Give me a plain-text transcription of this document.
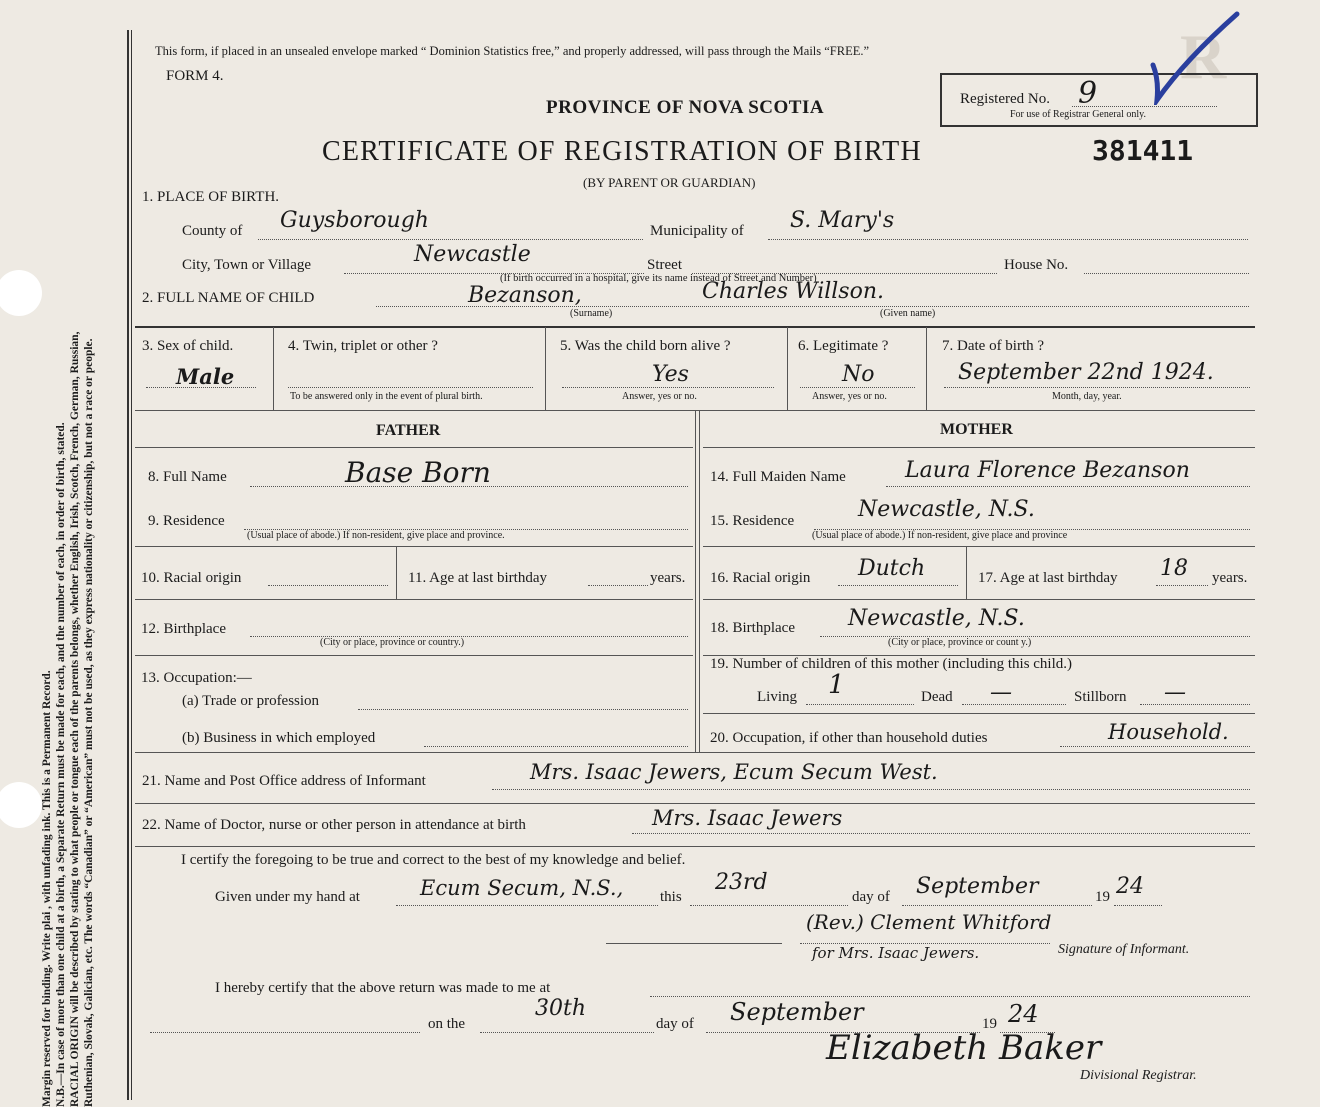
R
Margin reserved for binding. Write plai , with unfading ink. This is a Permanent Record. N.B.—In case of more than one child at a birth, a Separate Return must be made for each, and the number of each, in order of birth, stated. RACIAL ORIGIN will be described by stating to what people or tongue each of the parents belongs, whether English, Irish, Scotch, French, German, Russian, Ruthenian, Slovak, Galician, etc. The words “Canadian” or “American” must not be used, as they express nationality or citizenship, but not a race or people.
This form, if placed in an unsealed envelope marked “ Dominion Statistics free,” and properly addressed, will pass through the Mails “FREE.”
FORM 4.
PROVINCE OF NOVA SCOTIA	Registered No. 9
For use of Registrar General only.
CERTIFICATE OF REGISTRATION OF BIRTH	381411
(BY PARENT OR GUARDIAN)
1. PLACE OF BIRTH.
County of Guysborough	Municipality of S. Mary's
City, Town or Village	Newcastle	Street	House No.
(If birth occurred in a hospital, give its name instead of Street and Number)
2. FULL NAME OF CHILD	Bezanson,	Charles Willson.
(Surname)	(Given name)
3. Sex of child.
Male
4. Twin, triplet or other ?
To be answered only in the event of plural birth.
5. Was the child born alive ?
Yes
Answer, yes or no.
6. Legitimate ?
No
Answer, yes or no.
7. Date of birth ?
September 22nd 1924.
Month, day, year.
FATHER	MOTHER
8. Full Name	Base Born
9. Residence
(Usual place of abode.) If non-resident, give place and province.
10. Racial origin	11. Age at last birthday	years.
12. Birthplace
(City or place, province or country.)
13. Occupation:—
(a) Trade or profession
(b) Business in which employed
14. Full Maiden Name	Laura Florence Bezanson
15. Residence	Newcastle, N.S.
(Usual place of abode.) If non-resident, give place and province
16. Racial origin Dutch	17. Age at last birthday 18 years.
18. Birthplace Newcastle, N.S.
(City or place, province or count y.)
19. Number of children of this mother (including this child.)
Living 1	Dead —	Stillborn —
20. Occupation, if other than household duties	Household.
21. Name and Post Office address of Informant	Mrs. Isaac Jewers, Ecum Secum West.
22. Name of Doctor, nurse or other person in attendance at birth	Mrs. Isaac Jewers
I certify the foregoing to be true and correct to the best of my knowledge and belief.
Given under my hand at	Ecum Secum, N.S., this
23rd
day of September	19 24
(Rev.) Clement Whitford
for Mrs. Isaac Jewers.	Signature of Informant.
I hereby certify that the above return was made to me at
on the
30th
day of September	19 24
Elizabeth Baker
Divisional Registrar.
